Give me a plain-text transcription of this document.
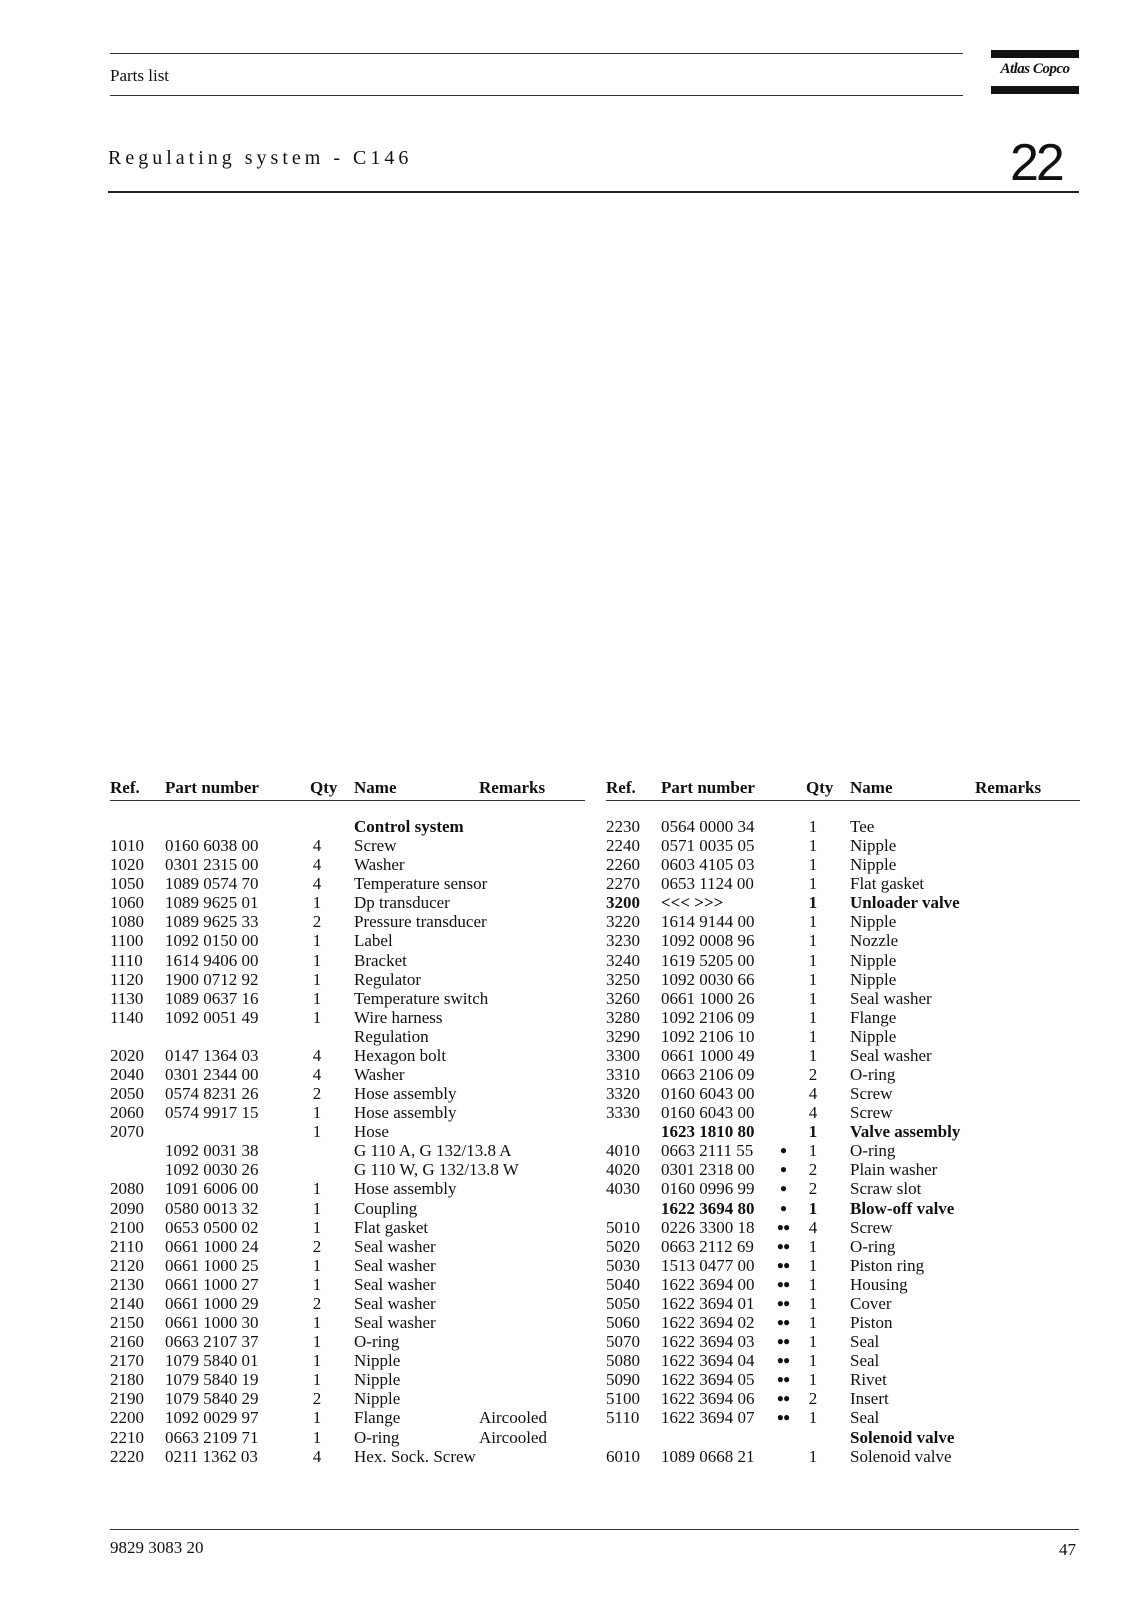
Parts list	Atlas Copco
Regulating system - C146	22
Ref. Part number	Qty Name	Remarks
Control system
1010 0160 6038 00	4 Screw
1020 0301 2315 00	4 Washer
1050 1089 0574 70	4 Temperature sensor
1060 1089 9625 01	1 Dp transducer
1080 1089 9625 33	2 Pressure transducer
1100 1092 0150 00	1 Label
1110 1614 9406 00	1 Bracket
1120 1900 0712 92	1 Regulator
1130 1089 0637 16	1 Temperature switch
1140 1092 0051 49	1 Wire harness
Regulation
2020 0147 1364 03	4 Hexagon bolt
2040 0301 2344 00	4 Washer
2050 0574 8231 26	2 Hose assembly
2060 0574 9917 15	1 Hose assembly
2070	1 Hose
1092 0031 38	G 110 A, G 132/13.8 A
1092 0030 26	G 110 W, G 132/13.8 W
2080 1091 6006 00	1 Hose assembly
2090 0580 0013 32	1 Coupling
2100 0653 0500 02	1 Flat gasket
2110 0661 1000 24	2 Seal washer
2120 0661 1000 25	1 Seal washer
2130 0661 1000 27	1 Seal washer
2140 0661 1000 29	2 Seal washer
2150 0661 1000 30	1 Seal washer
2160 0663 2107 37	1 O-ring
2170 1079 5840 01	1 Nipple
2180 1079 5840 19	1 Nipple
2190 1079 5840 29	2 Nipple
2200 1092 0029 97	1 Flange	Aircooled
2210 0663 2109 71	1 O-ring	Aircooled
2220 0211 1362 03	4 Hex. Sock. Screw
Ref. Part number	Qty Name	Remarks
2230 0564 0000 34	1 Tee
2240 0571 0035 05	1 Nipple
2260 0603 4105 03	1 Nipple
2270 0653 1124 00	1 Flat gasket
3200 <<< >>>	1 Unloader valve
3220 1614 9144 00	1 Nipple
3230 1092 0008 96	1 Nozzle
3240 1619 5205 00	1 Nipple
3250 1092 0030 66	1 Nipple
3260 0661 1000 26	1 Seal washer
3280 1092 2106 09	1 Flange
3290 1092 2106 10	1 Nipple
3300 0661 1000 49	1 Seal washer
3310 0663 2106 09	2 O-ring
3320 0160 6043 00	4 Screw
3330 0160 6043 00	4 Screw
1623 1810 80	1 Valve assembly
4010 0663 2111 55	●	1 O-ring
4020 0301 2318 00	●	2 Plain washer
4030 0160 0996 99	●	2 Scraw slot
1622 3694 80	●	1 Blow-off valve
5010 0226 3300 18	●●	4 Screw
5020 0663 2112 69	●●	1 O-ring
5030 1513 0477 00	●●	1 Piston ring
5040 1622 3694 00	●●	1 Housing
5050 1622 3694 01	●●	1 Cover
5060 1622 3694 02	●●	1 Piston
5070 1622 3694 03	●●	1 Seal
5080 1622 3694 04	●●	1 Seal
5090 1622 3694 05	●●	1 Rivet
5100 1622 3694 06	●●	2 Insert
5110 1622 3694 07	●●	1 Seal
Solenoid valve
6010 1089 0668 21	1 Solenoid valve
9829 3083 20	47
